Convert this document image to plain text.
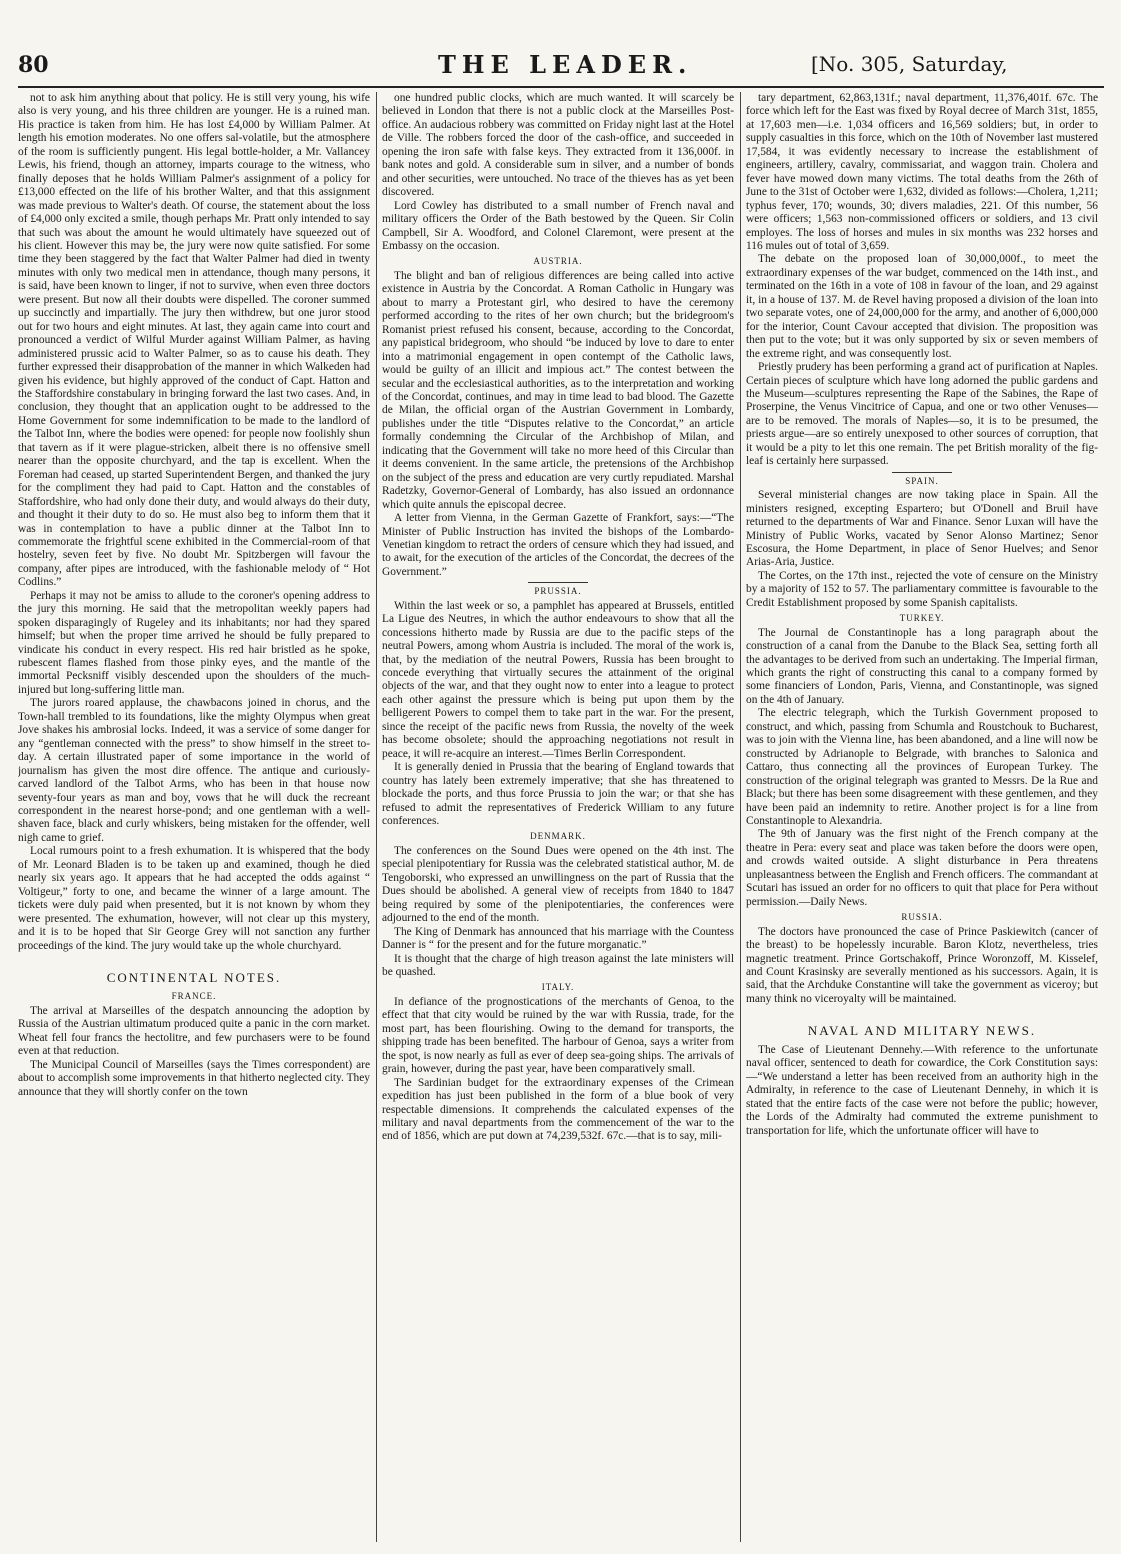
80	THE LEADER.	[No. 305, Saturday,

not to ask him anything about that policy. He is still very young, his wife also is very young, and his three children are younger. He is a ruined man. His practice is taken from him. He has lost £4,000 by William Palmer. At length his emotion moderates. No one offers sal-volatile, but the atmosphere of the room is sufficiently pungent. His legal bottle-holder, a Mr. Vallancey Lewis, his friend, though an attorney, imparts courage to the witness, who finally deposes that he holds William Palmer's assignment of a policy for £13,000 effected on the life of his brother Walter, and that this assignment was made previous to Walter's death. Of course, the statement about the loss of £4,000 only excited a smile, though perhaps Mr. Pratt only intended to say that such was about the amount he would ultimately have squeezed out of his client. However this may be, the jury were now quite satisfied. For some time they been staggered by the fact that Walter Palmer had died in twenty minutes with only two medical men in attendance, though many persons, it is said, have been known to linger, if not to survive, when even three doctors were present. But now all their doubts were dispelled. The coroner summed up succinctly and impartially. The jury then withdrew, but one juror stood out for two hours and eight minutes. At last, they again came into court and pronounced a verdict of Wilful Murder against William Palmer, as having administered prussic acid to Walter Palmer, so as to cause his death. They further expressed their disapprobation of the manner in which Walkeden had given his evidence, but highly approved of the conduct of Capt. Hatton and the Staffordshire constabulary in bringing forward the last two cases. And, in conclusion, they thought that an application ought to be addressed to the Home Government for some indemnification to be made to the landlord of the Talbot Inn, where the bodies were opened: for people now foolishly shun that tavern as if it were plague-stricken, albeit there is no offensive smell nearer than the opposite churchyard, and the tap is excellent. When the Foreman had ceased, up started Superintendent Bergen, and thanked the jury for the compliment they had paid to Capt. Hatton and the constables of Staffordshire, who had only done their duty, and would always do their duty, and thought it their duty to do so. He must also beg to inform them that it was in contemplation to have a public dinner at the Talbot Inn to commemorate the frightful scene exhibited in the Commercial-room of that hostelry, seven feet by five. No doubt Mr. Spitzbergen will favour the company, after pipes are introduced, with the fashionable melody of “ Hot Codlins.”

Perhaps it may not be amiss to allude to the coroner's opening address to the jury this morning. He said that the metropolitan weekly papers had spoken disparagingly of Rugeley and its inhabitants; nor had they spared himself; but when the proper time arrived he should be fully prepared to vindicate his conduct in every respect. His red hair bristled as he spoke, rubescent flames flashed from those pinky eyes, and the mantle of the immortal Pecksniff visibly descended upon the shoulders of the much-injured but long-suffering little man.

The jurors roared applause, the chawbacons joined in chorus, and the Town-hall trembled to its foundations, like the mighty Olympus when great Jove shakes his ambrosial locks. Indeed, it was a service of some danger for any “gentleman connected with the press” to show himself in the street to-day. A certain illustrated paper of some importance in the world of journalism has given the most dire offence. The antique and curiously-carved landlord of the Talbot Arms, who has been in that house now seventy-four years as man and boy, vows that he will duck the recreant correspondent in the nearest horse-pond; and one gentleman with a well-shaven face, black and curly whiskers, being mistaken for the offender, well nigh came to grief.

Local rumours point to a fresh exhumation. It is whispered that the body of Mr. Leonard Bladen is to be taken up and examined, though he died nearly six years ago. It appears that he had accepted the odds against “ Voltigeur,” forty to one, and became the winner of a large amount. The tickets were duly paid when presented, but it is not known by whom they were presented. The exhumation, however, will not clear up this mystery, and it is to be hoped that Sir George Grey will not sanction any further proceedings of the kind. The jury would take up the whole churchyard.

CONTINENTAL NOTES.
FRANCE.

The arrival at Marseilles of the despatch announcing the adoption by Russia of the Austrian ultimatum produced quite a panic in the corn market. Wheat fell four francs the hectolitre, and few purchasers were to be found even at that reduction.

The Municipal Council of Marseilles (says the Times correspondent) are about to accomplish some improvements in that hitherto neglected city. They announce that they will shortly confer on the town

one hundred public clocks, which are much wanted. It will scarcely be believed in London that there is not a public clock at the Marseilles Post-office. An audacious robbery was committed on Friday night last at the Hotel de Ville. The robbers forced the door of the cash-office, and succeeded in opening the iron safe with false keys. They extracted from it 136,000f. in bank notes and gold. A considerable sum in silver, and a number of bonds and other securities, were untouched. No trace of the thieves has as yet been discovered.

Lord Cowley has distributed to a small number of French naval and military officers the Order of the Bath bestowed by the Queen. Sir Colin Campbell, Sir A. Woodford, and Colonel Claremont, were present at the Embassy on the occasion.

AUSTRIA.

The blight and ban of religious differences are being called into active existence in Austria by the Concordat. A Roman Catholic in Hungary was about to marry a Protestant girl, who desired to have the ceremony performed according to the rites of her own church; but the bridegroom's Romanist priest refused his consent, because, according to the Concordat, any papistical bridegroom, who should “be induced by love to dare to enter into a matrimonial engagement in open contempt of the Catholic laws, would be guilty of an illicit and impious act.” The contest between the secular and the ecclesiastical authorities, as to the interpretation and working of the Concordat, continues, and may in time lead to bad blood. The Gazette de Milan, the official organ of the Austrian Government in Lombardy, publishes under the title “Disputes relative to the Concordat,” an article formally condemning the Circular of the Archbishop of Milan, and indicating that the Government will take no more heed of this Circular than it deems convenient. In the same article, the pretensions of the Archbishop on the subject of the press and education are very curtly repudiated. Marshal Radetzky, Governor-General of Lombardy, has also issued an ordonnance which quite annuls the episcopal decree.

A letter from Vienna, in the German Gazette of Frankfort, says:—“The Minister of Public Instruction has invited the bishops of the Lombardo-Venetian kingdom to retract the orders of censure which they had issued, and to await, for the execution of the articles of the Concordat, the decrees of the Government.”

PRUSSIA.

Within the last week or so, a pamphlet has appeared at Brussels, entitled La Ligue des Neutres, in which the author endeavours to show that all the concessions hitherto made by Russia are due to the pacific steps of the neutral Powers, among whom Austria is included. The moral of the work is, that, by the mediation of the neutral Powers, Russia has been brought to concede everything that virtually secures the attainment of the original objects of the war, and that they ought now to enter into a league to protect each other against the pressure which is being put upon them by the belligerent Powers to compel them to take part in the war. For the present, since the receipt of the pacific news from Russia, the novelty of the week has become obsolete; should the approaching negotiations not result in peace, it will re-acquire an interest.—Times Berlin Correspondent.

It is generally denied in Prussia that the bearing of England towards that country has lately been extremely imperative; that she has threatened to blockade the ports, and thus force Prussia to join the war; or that she has refused to admit the representatives of Frederick William to any future conferences.

DENMARK.

The conferences on the Sound Dues were opened on the 4th inst. The special plenipotentiary for Russia was the celebrated statistical author, M. de Tengoborski, who expressed an unwillingness on the part of Russia that the Dues should be abolished. A general view of receipts from 1840 to 1847 being required by some of the plenipotentiaries, the conferences were adjourned to the end of the month.

The King of Denmark has announced that his marriage with the Countess Danner is “ for the present and for the future morganatic.”

It is thought that the charge of high treason against the late ministers will be quashed.

ITALY.

In defiance of the prognostications of the merchants of Genoa, to the effect that that city would be ruined by the war with Russia, trade, for the most part, has been flourishing. Owing to the demand for transports, the shipping trade has been benefited. The harbour of Genoa, says a writer from the spot, is now nearly as full as ever of deep sea-going ships. The arrivals of grain, however, during the past year, have been comparatively small.

The Sardinian budget for the extraordinary expenses of the Crimean expedition has just been published in the form of a blue book of very respectable dimensions. It comprehends the calculated expenses of the military and naval departments from the commencement of the war to the end of 1856, which are put down at 74,239,532f. 67c.—that is to say, mili-

tary department, 62,863,131f.; naval department, 11,376,401f. 67c. The force which left for the East was fixed by Royal decree of March 31st, 1855, at 17,603 men—i.e. 1,034 officers and 16,569 soldiers; but, in order to supply casualties in this force, which on the 10th of November last mustered 17,584, it was evidently necessary to increase the establishment of engineers, artillery, cavalry, commissariat, and waggon train. Cholera and fever have mowed down many victims. The total deaths from the 26th of June to the 31st of October were 1,632, divided as follows:—Cholera, 1,211; typhus fever, 170; wounds, 30; divers maladies, 221. Of this number, 56 were officers; 1,563 non-commissioned officers or soldiers, and 13 civil employes. The loss of horses and mules in six months was 232 horses and 116 mules out of total of 3,659.

The debate on the proposed loan of 30,000,000f., to meet the extraordinary expenses of the war budget, commenced on the 14th inst., and terminated on the 16th in a vote of 108 in favour of the loan, and 29 against it, in a house of 137. M. de Revel having proposed a division of the loan into two separate votes, one of 24,000,000 for the army, and another of 6,000,000 for the interior, Count Cavour accepted that division. The proposition was then put to the vote; but it was only supported by six or seven members of the extreme right, and was consequently lost.

Priestly prudery has been performing a grand act of purification at Naples. Certain pieces of sculpture which have long adorned the public gardens and the Museum—sculptures representing the Rape of the Sabines, the Rape of Proserpine, the Venus Vincitrice of Capua, and one or two other Venuses—are to be removed. The morals of Naples—so, it is to be presumed, the priests argue—are so entirely unexposed to other sources of corruption, that it would be a pity to let this one remain. The pet British morality of the fig-leaf is certainly here surpassed.

SPAIN.

Several ministerial changes are now taking place in Spain. All the ministers resigned, excepting Espartero; but O'Donell and Bruil have returned to the departments of War and Finance. Senor Luxan will have the Ministry of Public Works, vacated by Senor Alonso Martinez; Senor Escosura, the Home Department, in place of Senor Huelves; and Senor Arias-Aria, Justice.

The Cortes, on the 17th inst., rejected the vote of censure on the Ministry by a majority of 152 to 57. The parliamentary committee is favourable to the Credit Establishment proposed by some Spanish capitalists.

TURKEY.

The Journal de Constantinople has a long paragraph about the construction of a canal from the Danube to the Black Sea, setting forth all the advantages to be derived from such an undertaking. The Imperial firman, which grants the right of constructing this canal to a company formed by some financiers of London, Paris, Vienna, and Constantinople, was signed on the 4th of January.

The electric telegraph, which the Turkish Government proposed to construct, and which, passing from Schumla and Roustchouk to Bucharest, was to join with the Vienna line, has been abandoned, and a line will now be constructed by Adrianople to Belgrade, with branches to Salonica and Cattaro, thus connecting all the provinces of European Turkey. The construction of the original telegraph was granted to Messrs. De la Rue and Black; but there has been some disagreement with these gentlemen, and they have been paid an indemnity to retire. Another project is for a line from Constantinople to Alexandria.

The 9th of January was the first night of the French company at the theatre in Pera: every seat and place was taken before the doors were open, and crowds waited outside. A slight disturbance in Pera threatens unpleasantness between the English and French officers. The commandant at Scutari has issued an order for no officers to quit that place for Pera without permission.—Daily News.

RUSSIA.

The doctors have pronounced the case of Prince Paskiewitch (cancer of the breast) to be hopelessly incurable. Baron Klotz, nevertheless, tries magnetic treatment. Prince Gortschakoff, Prince Woronzoff, M. Kisselef, and Count Krasinsky are severally mentioned as his successors. Again, it is said, that the Archduke Constantine will take the government as viceroy; but many think no viceroyalty will be maintained.

NAVAL AND MILITARY NEWS.

The Case of Lieutenant Dennehy.—With reference to the unfortunate naval officer, sentenced to death for cowardice, the Cork Constitution says:—“We understand a letter has been received from an authority high in the Admiralty, in reference to the case of Lieutenant Dennehy, in which it is stated that the entire facts of the case were not before the public; however, the Lords of the Admiralty had commuted the extreme punishment to transportation for life, which the unfortunate officer will have to
